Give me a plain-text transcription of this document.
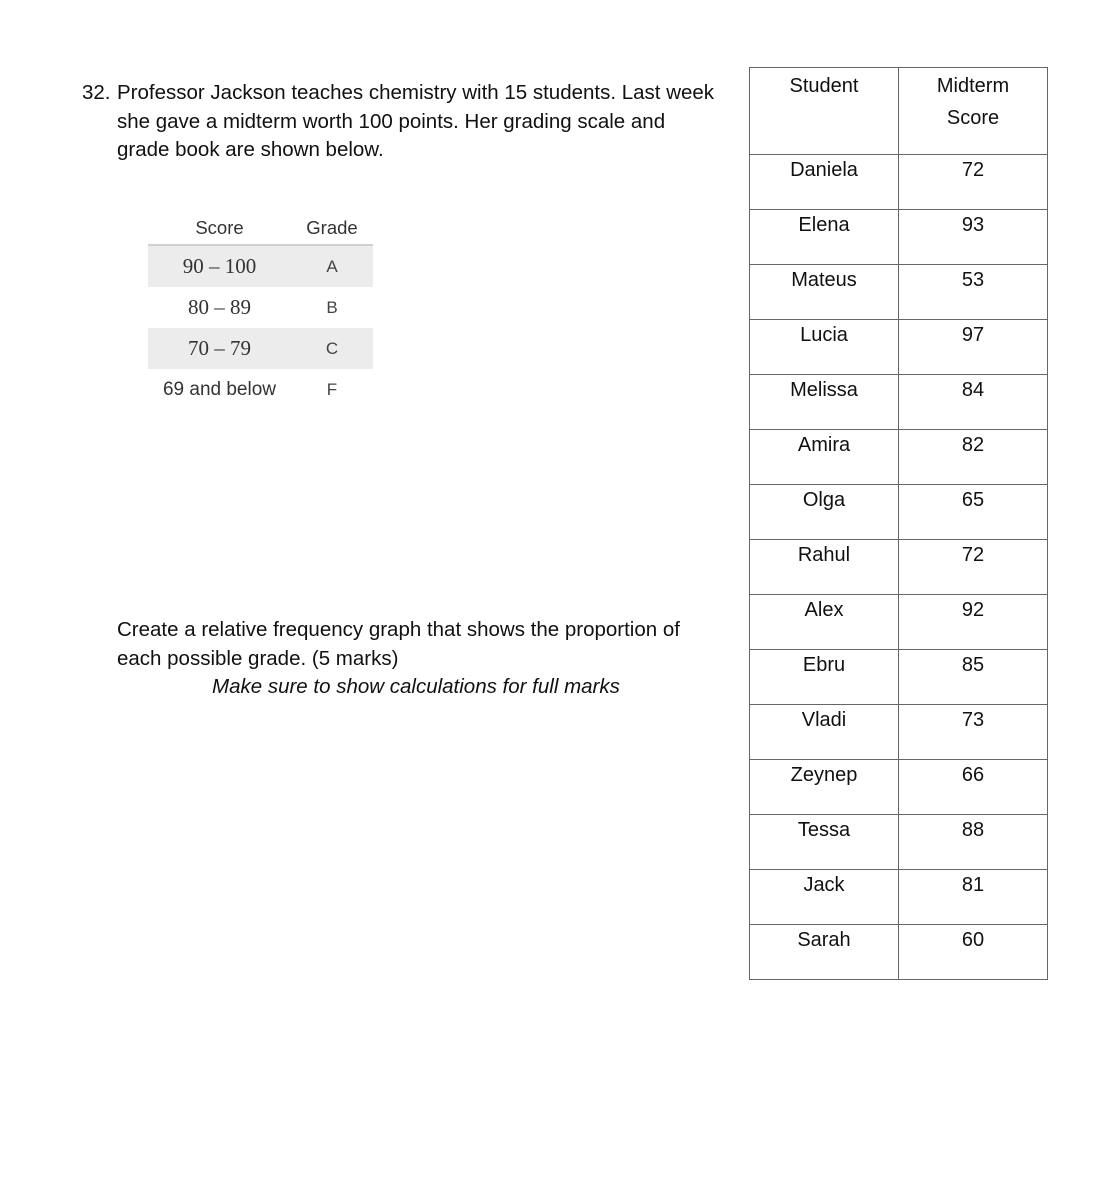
32. Professor Jackson teaches chemistry with 15 students. Last week
she gave a midterm worth 100 points. Her grading scale and
grade book are shown below.
Score	Grade
90 – 100	A
80 – 89	B
70 – 79	C
69 and below	F
Create a relative frequency graph that shows the proportion of
each possible grade. (5 marks)
Make sure to show calculations for full marks
Student	Midterm
Score

Daniela	72
Elena	93
Mateus	53
Lucia	97
Melissa	84
Amira	82
Olga	65
Rahul	72
Alex	92
Ebru	85
Vladi	73
Zeynep	66
Tessa	88
Jack	81
Sarah	60
